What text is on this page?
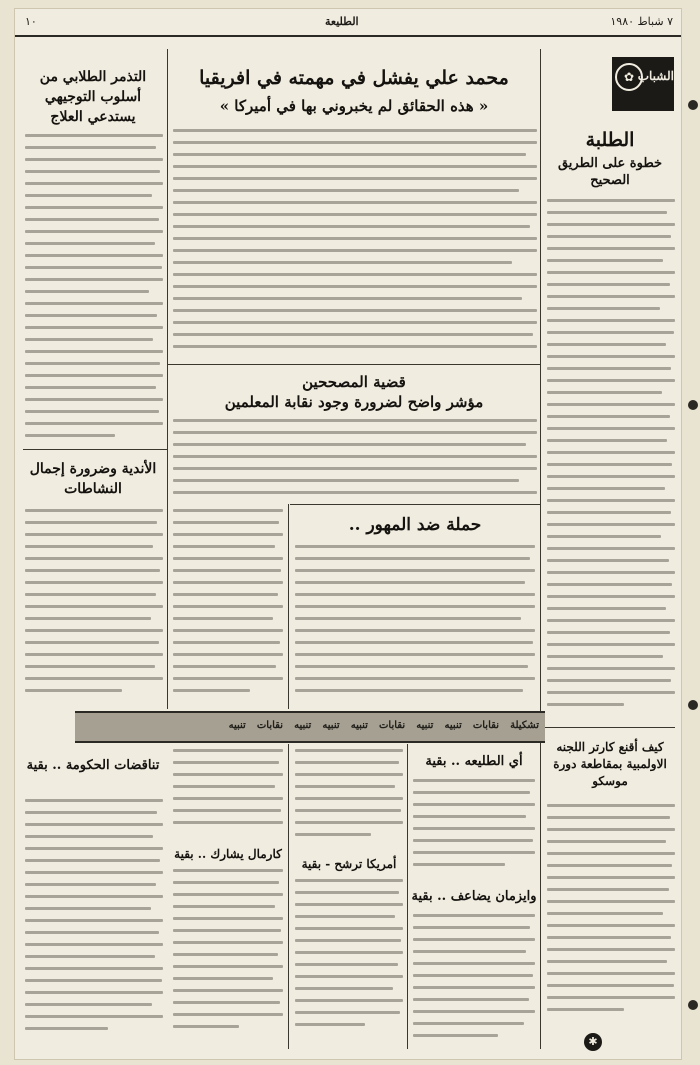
١٠	الطليعة	٧ شباط ١٩٨٠
✿ الشباب
الطلبة
خطوة على الطريق الصحيح
محمد علي يفشل في مهمته في افريقيا
« هذه الحقائق لم يخبروني بها في أميركا »
قضية المصححين
مؤشر واضح لضرورة وجود نقابة المعلمين
حملة ضد المهور ..
التذمر الطلابي من أسلوب التوجيهي يستدعي العلاج
الأندية وضرورة إجمال النشاطات
تشكيلة نقابات تنبيه تنبيه نقابات تنبيه تنبيه تنبيه نقابات تنبيه
تناقضات الحكومة .. بقية
كارمال يشارك .. بقية
أمريكا ترشح - بقية
أي الطليعه .. بقية
وايزمان يضاعف .. بقية
كيف أقنع كارتر اللجنه الاولمبية بمقاطعة دورة موسكو
✱
